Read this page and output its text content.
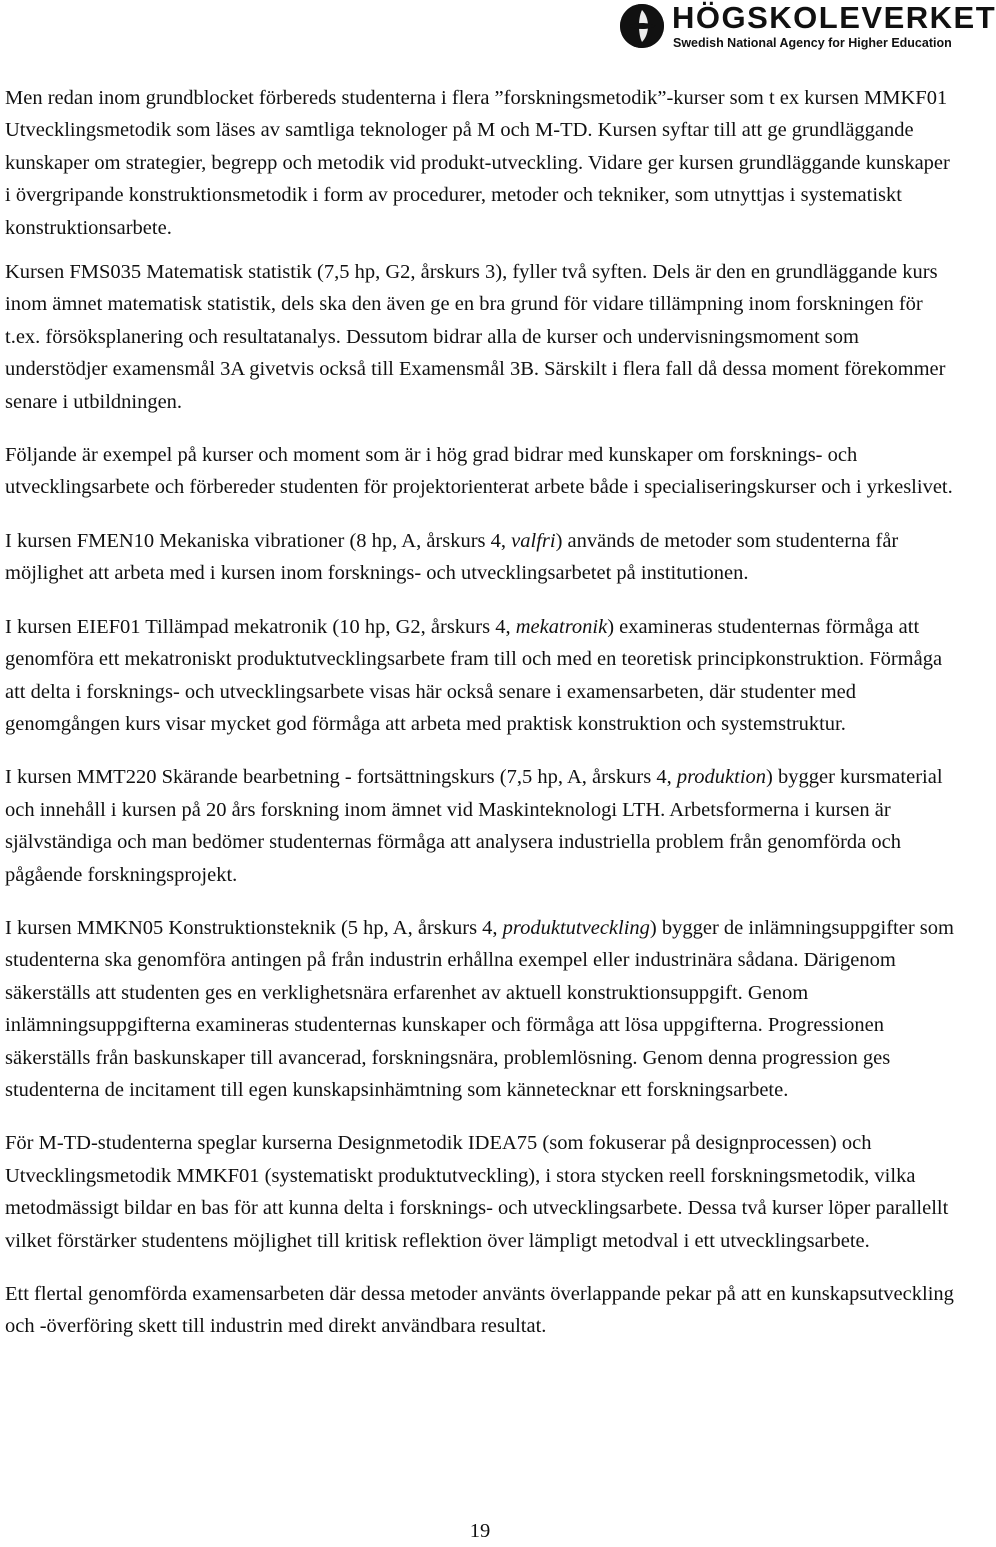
HÖGSKOLEVERKET
Swedish National Agency for Higher Education

Men redan inom grundblocket förbereds studenterna i flera ”forskningsmetodik”-kurser som t ex kursen MMKF01 Utvecklingsmetodik som läses av samtliga teknologer på M och M-TD. Kursen syftar till att ge grundläggande kunskaper om strategier, begrepp och metodik vid produkt-utveckling. Vidare ger kursen grundläggande kunskaper i övergripande konstruktionsmetodik i form av procedurer, metoder och tekniker, som utnyttjas i systematiskt konstruktionsarbete.

Kursen FMS035 Matematisk statistik (7,5 hp, G2, årskurs 3), fyller två syften. Dels är den en grundläggande kurs inom ämnet matematisk statistik, dels ska den även ge en bra grund för vidare tillämpning inom forskningen för t.ex. försöksplanering och resultatanalys. Dessutom bidrar alla de kurser och undervisningsmoment som understödjer examensmål 3A givetvis också till Examensmål 3B. Särskilt i flera fall då dessa moment förekommer senare i utbildningen.

Följande är exempel på kurser och moment som är i hög grad bidrar med kunskaper om forsknings- och utvecklingsarbete och förbereder studenten för projektorienterat arbete både i specialiseringskurser och i yrkeslivet.

I kursen FMEN10 Mekaniska vibrationer (8 hp, A, årskurs 4, valfri) används de metoder som studenterna får möjlighet att arbeta med i kursen inom forsknings- och utvecklingsarbetet på institutionen.

I kursen EIEF01 Tillämpad mekatronik (10 hp, G2, årskurs 4, mekatronik) examineras studenternas förmåga att genomföra ett mekatroniskt produktutvecklingsarbete fram till och med en teoretisk principkonstruktion. Förmåga att delta i forsknings- och utvecklingsarbete visas här också senare i examensarbeten, där studenter med genomgången kurs visar mycket god förmåga att arbeta med praktisk konstruktion och systemstruktur.

I kursen MMT220 Skärande bearbetning - fortsättningskurs (7,5 hp, A, årskurs 4, produktion) bygger kursmaterial och innehåll i kursen på 20 års forskning inom ämnet vid Maskinteknologi LTH. Arbetsformerna i kursen är självständiga och man bedömer studenternas förmåga att analysera industriella problem från genomförda och pågående forskningsprojekt.

I kursen MMKN05 Konstruktionsteknik (5 hp, A, årskurs 4, produktutveckling) bygger de inlämningsuppgifter som studenterna ska genomföra antingen på från industrin erhållna exempel eller industrinära sådana. Därigenom säkerställs att studenten ges en verklighetsnära erfarenhet av aktuell konstruktionsuppgift. Genom inlämningsuppgifterna examineras studenternas kunskaper och förmåga att lösa uppgifterna. Progressionen säkerställs från baskunskaper till avancerad, forskningsnära, problemlösning. Genom denna progression ges studenterna de incitament till egen kunskapsinhämtning som kännetecknar ett forskningsarbete.

För M-TD-studenterna speglar kurserna Designmetodik IDEA75 (som fokuserar på designprocessen) och Utvecklingsmetodik MMKF01 (systematiskt produktutveckling), i stora stycken reell forskningsmetodik, vilka metodmässigt bildar en bas för att kunna delta i forsknings- och utvecklingsarbete. Dessa två kurser löper parallellt vilket förstärker studentens möjlighet till kritisk reflektion över lämpligt metodval i ett utvecklingsarbete.

Ett flertal genomförda examensarbeten där dessa metoder använts överlappande pekar på att en kunskapsutveckling och -överföring skett till industrin med direkt användbara resultat.

19
